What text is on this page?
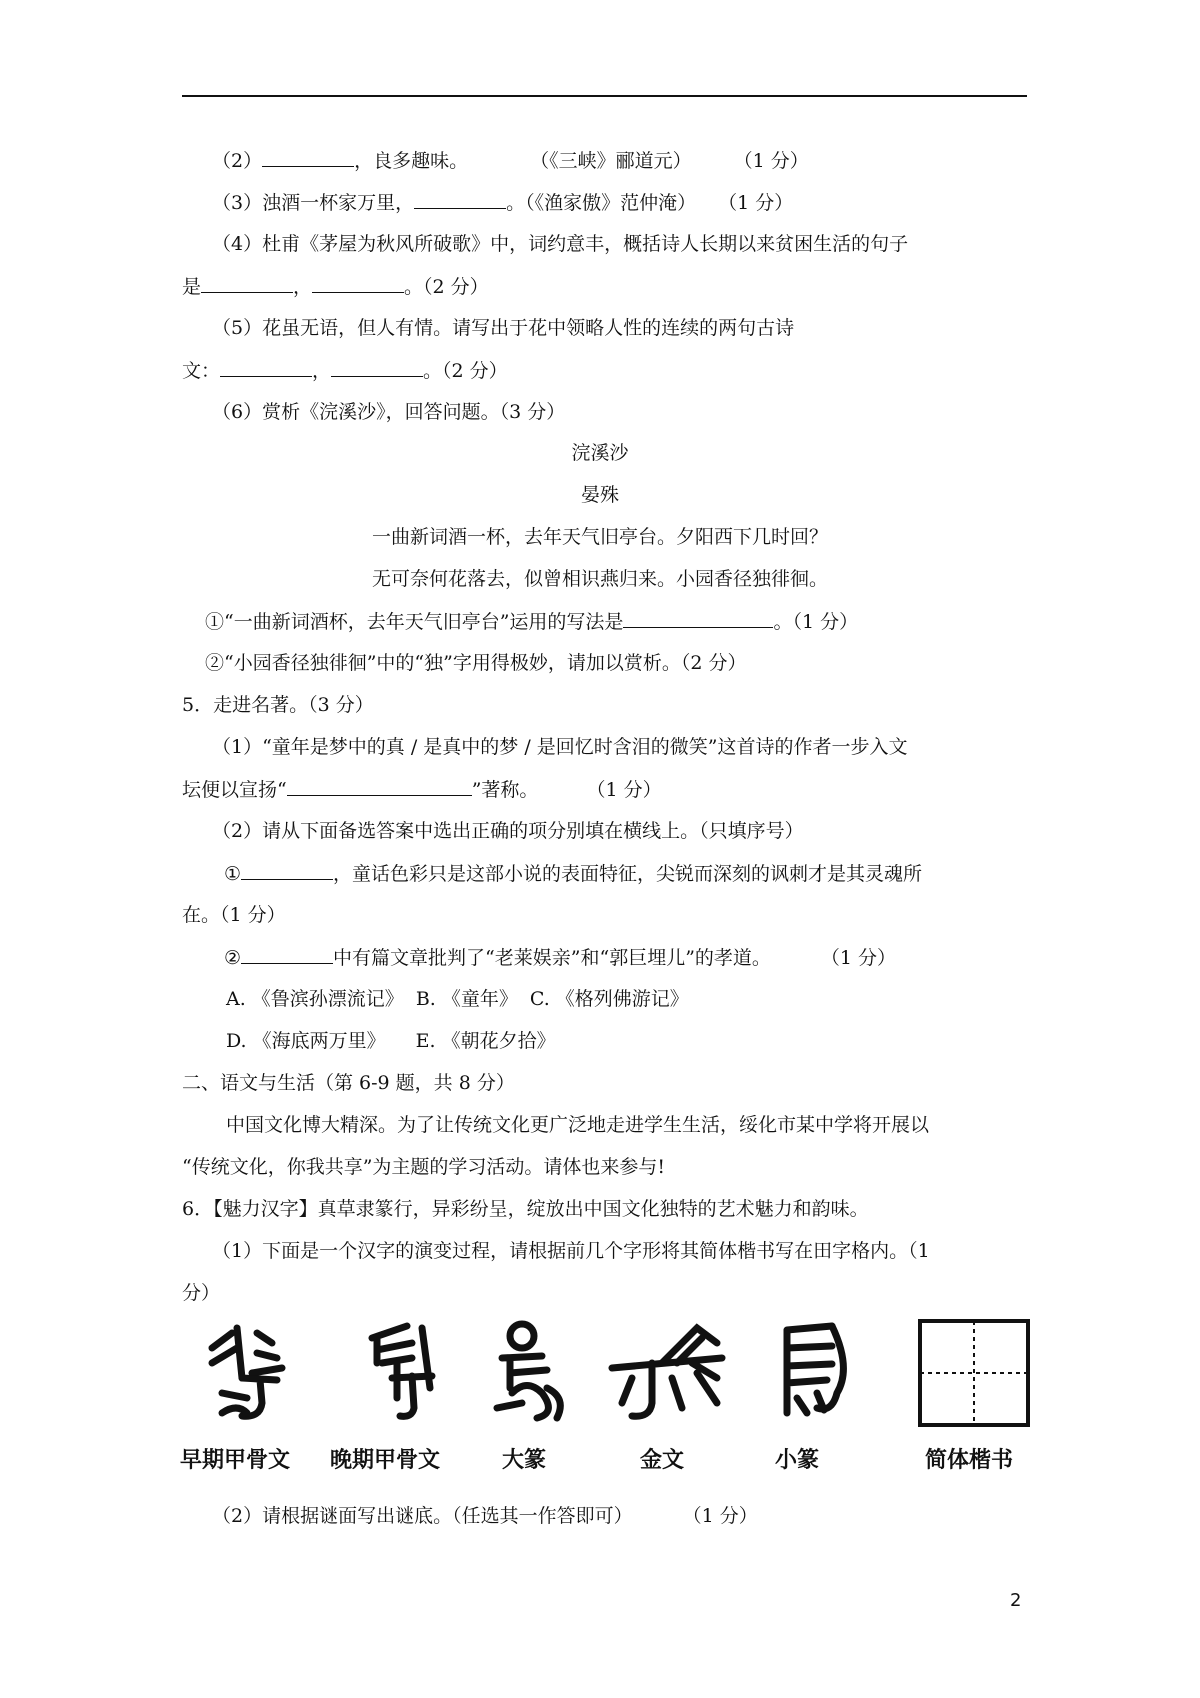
（2）	，良多趣味。	（《三峡》郦道元） （1 分）
（3）浊酒一杯家万里，	。（《渔家傲》范仲淹） （1 分）
（4）杜甫《茅屋为秋风所破歌》中，词约意丰，概括诗人长期以来贫困生活的句子
是	，	。（2 分）
（5）花虽无语，但人有情。请写出于花中领略人性的连续的两句古诗
文：	，	。（2 分）
（6）赏析《浣溪沙》，回答问题。（3 分）
浣溪沙
晏殊
一曲新词酒一杯，去年天气旧亭台。夕阳西下几时回？
无可奈何花落去，似曾相识燕归来。小园香径独徘徊。
①“一曲新词酒杯，去年天气旧亭台”运用的写法是	。（1 分）
②“小园香径独徘徊”中的“独”字用得极妙，请加以赏析。（2 分）
5．走进名著。（3 分）
（1）“童年是梦中的真 / 是真中的梦 / 是回忆时含泪的微笑”这首诗的作者一步入文
坛便以宣扬“	”著称。	（1 分）
（2）请从下面备选答案中选出正确的项分别填在横线上。（只填序号）
①	，童话色彩只是这部小说的表面特征，尖锐而深刻的讽刺才是其灵魂所
在。（1 分）
②	中有篇文章批判了“老莱娱亲”和“郭巨埋儿”的孝道。	（1 分）
A. 《鲁滨孙漂流记》 B. 《童年》 C. 《格列佛游记》
D. 《海底两万里》 E. 《朝花夕拾》
二、语文与生活（第 6-9 题，共 8 分）
中国文化博大精深。为了让传统文化更广泛地走进学生生活，绥化市某中学将开展以
“传统文化，你我共享”为主题的学习活动。请体也来参与!
6．【魅力汉字】真草隶篆行，异彩纷呈，绽放出中国文化独特的艺术魅力和韵味。
（1）下面是一个汉字的演变过程，请根据前几个字形将其简体楷书写在田字格内。（1
分）
早期甲骨文 晚期甲骨文	大篆	金文	小篆	简体楷书
（2）请根据谜面写出谜底。（任选其一作答即可）	（1 分）
2
